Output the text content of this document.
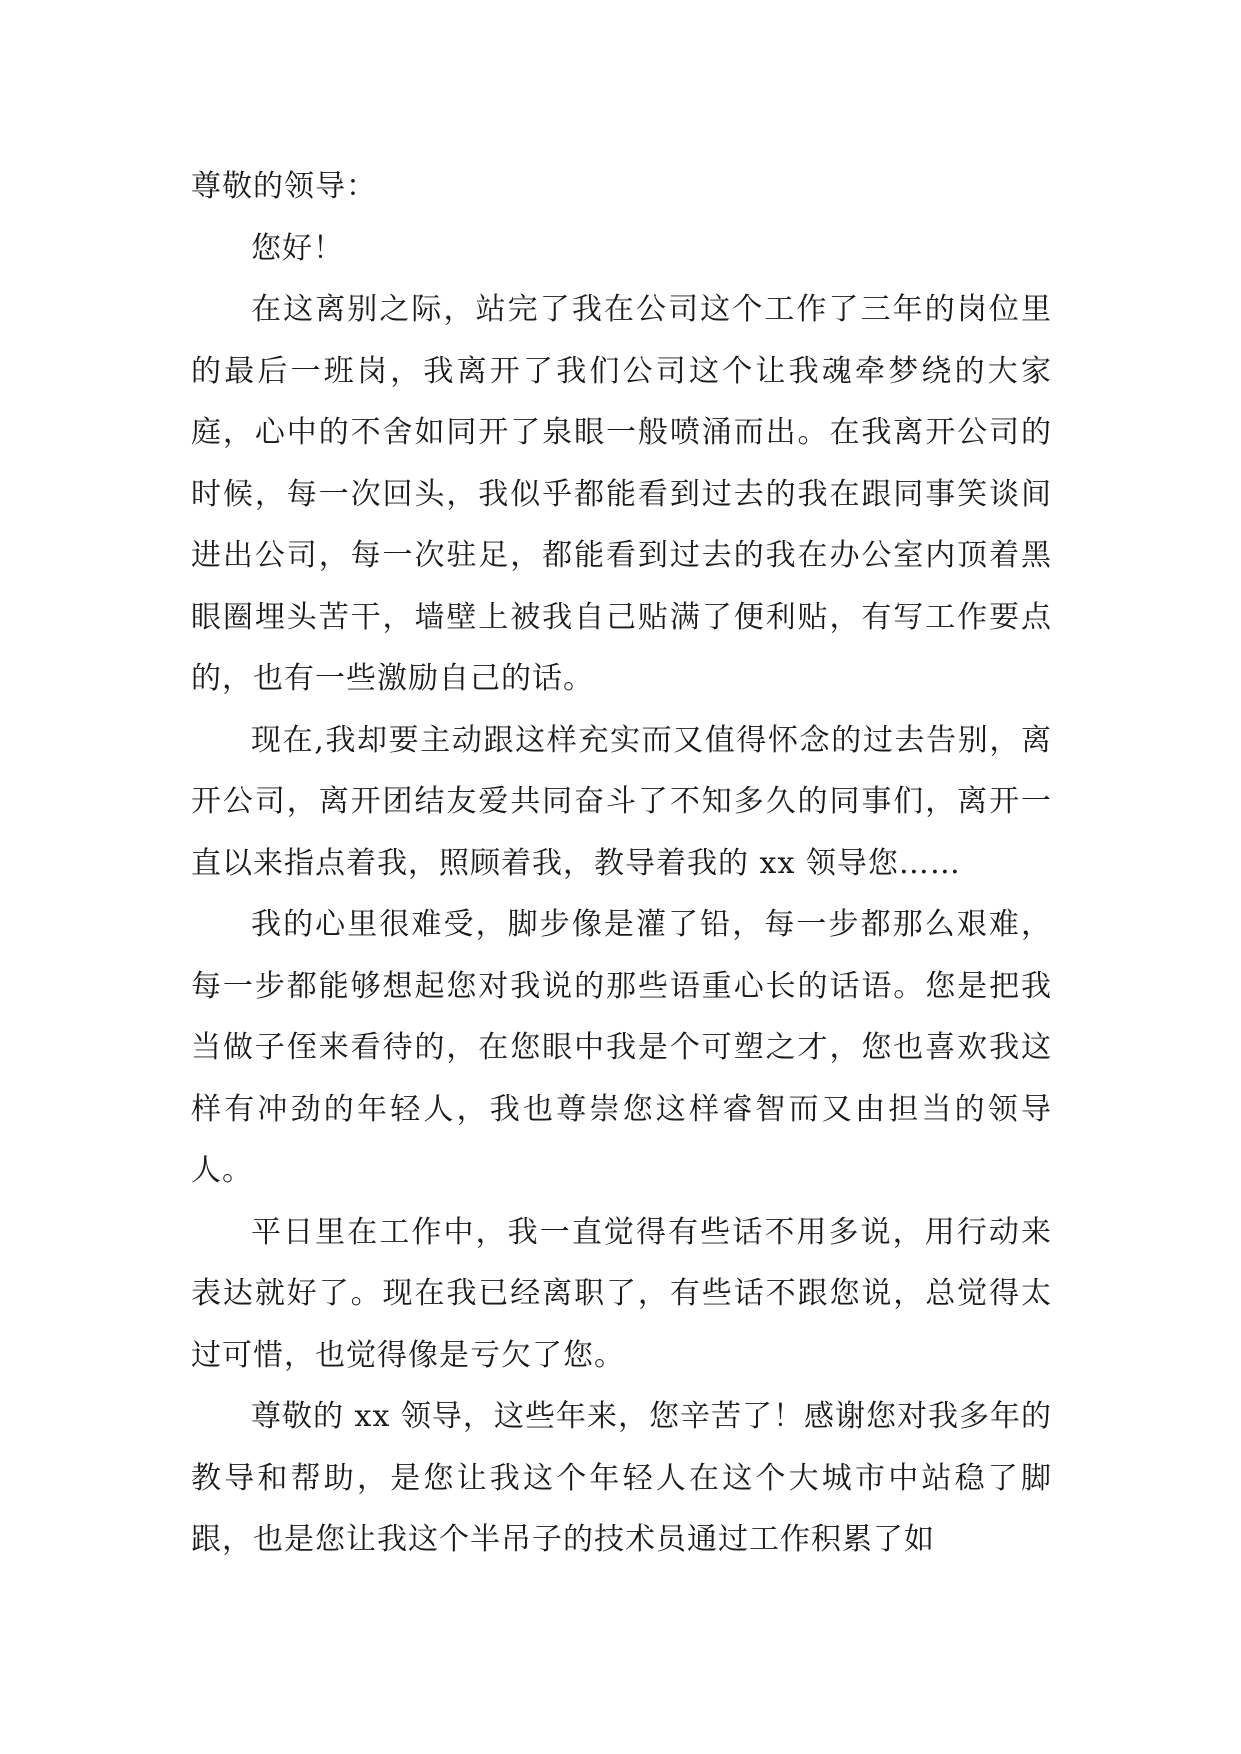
尊敬的领导：

您好！

在这离别之际，站完了我在公司这个工作了三年的岗位里的最后一班岗，我离开了我们公司这个让我魂牵梦绕的大家庭，心中的不舍如同开了泉眼一般喷涌而出。在我离开公司的时候，每一次回头，我似乎都能看到过去的我在跟同事笑谈间进出公司，每一次驻足，都能看到过去的我在办公室内顶着黑眼圈埋头苦干，墙壁上被我自己贴满了便利贴，有写工作要点的，也有一些激励自己的话。

现在,我却要主动跟这样充实而又值得怀念的过去告别，离开公司，离开团结友爱共同奋斗了不知多久的同事们，离开一直以来指点着我，照顾着我，教导着我的 xx 领导您……

我的心里很难受，脚步像是灌了铅，每一步都那么艰难，每一步都能够想起您对我说的那些语重心长的话语。您是把我当做子侄来看待的，在您眼中我是个可塑之才，您也喜欢我这样有冲劲的年轻人，我也尊崇您这样睿智而又由担当的领导人。

平日里在工作中，我一直觉得有些话不用多说，用行动来表达就好了。现在我已经离职了，有些话不跟您说，总觉得太过可惜，也觉得像是亏欠了您。

尊敬的 xx 领导，这些年来，您辛苦了！感谢您对我多年的教导和帮助，是您让我这个年轻人在这个大城市中站稳了脚跟，也是您让我这个半吊子的技术员通过工作积累了如
